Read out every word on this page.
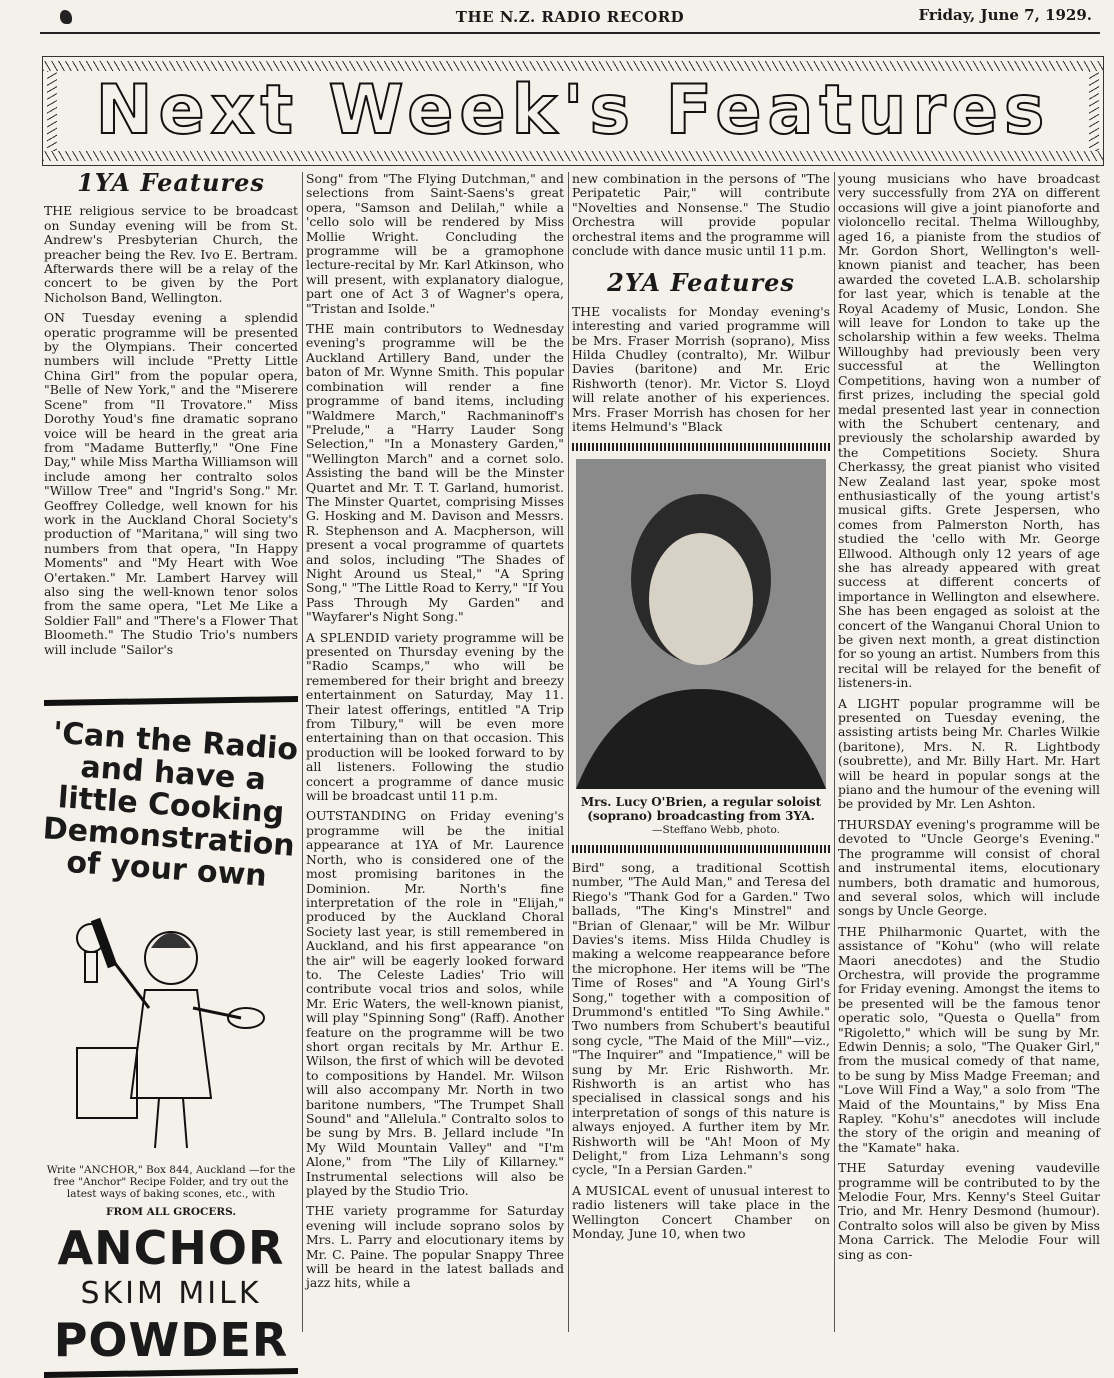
THE N.Z. RADIO RECORD	Friday, June 7, 1929.
Next Week's Features
1YA Features

THE religious service to be broadcast on Sunday evening will be from St. Andrew's Presbyterian Church, the preacher being the Rev. Ivo E. Bertram. Afterwards there will be a relay of the concert to be given by the Port Nicholson Band, Wellington.

ON Tuesday evening a splendid operatic programme will be presented by the Olympians. Their concerted numbers will include "Pretty Little China Girl" from the popular opera, "Belle of New York," and the "Miserere Scene" from "Il Trovatore." Miss Dorothy Youd's fine dramatic soprano voice will be heard in the great aria from "Madame Butterfly," "One Fine Day," while Miss Martha Williamson will include among her contralto solos "Willow Tree" and "Ingrid's Song." Mr. Geoffrey Colledge, well known for his work in the Auckland Choral Society's production of "Maritana," will sing two numbers from that opera, "In Happy Moments" and "My Heart with Woe O'ertaken." Mr. Lambert Harvey will also sing the well-known tenor solos from the same opera, "Let Me Like a Soldier Fall" and "There's a Flower That Bloometh." The Studio Trio's numbers will include "Sailor's

'Can the Radio and have a little Cooking Demonstration of your own
Write "ANCHOR," Box 844, Auckland —for the free "Anchor" Recipe Folder, and try out the latest ways of baking scones, etc., with
FROM ALL GROCERS.
ANCHOR
SKIM MILK
POWDER

Song" from "The Flying Dutchman," and selections from Saint-Saens's great opera, "Samson and Delilah," while a 'cello solo will be rendered by Miss Mollie Wright. Concluding the programme will be a gramophone lecture-recital by Mr. Karl Atkinson, who will present, with explanatory dialogue, part one of Act 3 of Wagner's opera, "Tristan and Isolde."

THE main contributors to Wednesday evening's programme will be the Auckland Artillery Band, under the baton of Mr. Wynne Smith. This popular combination will render a fine programme of band items, including "Waldmere March," Rachmaninoff's "Prelude," a "Harry Lauder Song Selection," "In a Monastery Garden," "Wellington March" and a cornet solo. Assisting the band will be the Minster Quartet and Mr. T. T. Garland, humorist. The Minster Quartet, comprising Misses G. Hosking and M. Davison and Messrs. R. Stephenson and A. Macpherson, will present a vocal programme of quartets and solos, including "The Shades of Night Around us Steal," "A Spring Song," "The Little Road to Kerry," "If You Pass Through My Garden" and "Wayfarer's Night Song."

A SPLENDID variety programme will be presented on Thursday evening by the "Radio Scamps," who will be remembered for their bright and breezy entertainment on Saturday, May 11. Their latest offerings, entitled "A Trip from Tilbury," will be even more entertaining than on that occasion. This production will be looked forward to by all listeners. Following the studio concert a programme of dance music will be broadcast until 11 p.m.

OUTSTANDING on Friday evening's programme will be the initial appearance at 1YA of Mr. Laurence North, who is considered one of the most promising baritones in the Dominion. Mr. North's fine interpretation of the role in "Elijah," produced by the Auckland Choral Society last year, is still remembered in Auckland, and his first appearance "on the air" will be eagerly looked forward to. The Celeste Ladies' Trio will contribute vocal trios and solos, while Mr. Eric Waters, the well-known pianist, will play "Spinning Song" (Raff). Another feature on the programme will be two short organ recitals by Mr. Arthur E. Wilson, the first of which will be devoted to compositions by Handel. Mr. Wilson will also accompany Mr. North in two baritone numbers, "The Trumpet Shall Sound" and "Allelula." Contralto solos to be sung by Mrs. B. Jellard include "In My Wild Mountain Valley" and "I'm Alone," from "The Lily of Killarney." Instrumental selections will also be played by the Studio Trio.

THE variety programme for Saturday evening will include soprano solos by Mrs. L. Parry and elocutionary items by Mr. C. Paine. The popular Snappy Three will be heard in the latest ballads and jazz hits, while a

new combination in the persons of "The Peripatetic Pair," will contribute "Novelties and Nonsense." The Studio Orchestra will provide popular orchestral items and the programme will conclude with dance music until 11 p.m.

2YA Features

THE vocalists for Monday evening's interesting and varied programme will be Mrs. Fraser Morrish (soprano), Miss Hilda Chudley (contralto), Mr. Wilbur Davies (baritone) and Mr. Eric Rishworth (tenor). Mr. Victor S. Lloyd will relate another of his experiences. Mrs. Fraser Morrish has chosen for her items Helmund's "Black

Mrs. Lucy O'Brien, a regular soloist (soprano) broadcasting from 3YA.
—Steffano Webb, photo.

Bird" song, a traditional Scottish number, "The Auld Man," and Teresa del Riego's "Thank God for a Garden." Two ballads, "The King's Minstrel" and "Brian of Glenaar," will be Mr. Wilbur Davies's items. Miss Hilda Chudley is making a welcome reappearance before the microphone. Her items will be "The Time of Roses" and "A Young Girl's Song," together with a composition of Drummond's entitled "To Sing Awhile." Two numbers from Schubert's beautiful song cycle, "The Maid of the Mill"—viz., "The Inquirer" and "Impatience," will be sung by Mr. Eric Rishworth. Mr. Rishworth is an artist who has specialised in classical songs and his interpretation of songs of this nature is always enjoyed. A further item by Mr. Rishworth will be "Ah! Moon of My Delight," from Liza Lehmann's song cycle, "In a Persian Garden."

A MUSICAL event of unusual interest to radio listeners will take place in the Wellington Concert Chamber on Monday, June 10, when two

young musicians who have broadcast very successfully from 2YA on different occasions will give a joint pianoforte and violoncello recital. Thelma Willoughby, aged 16, a pianiste from the studios of Mr. Gordon Short, Wellington's well-known pianist and teacher, has been awarded the coveted L.A.B. scholarship for last year, which is tenable at the Royal Academy of Music, London. She will leave for London to take up the scholarship within a few weeks. Thelma Willoughby had previously been very successful at the Wellington Competitions, having won a number of first prizes, including the special gold medal presented last year in connection with the Schubert centenary, and previously the scholarship awarded by the Competitions Society. Shura Cherkassy, the great pianist who visited New Zealand last year, spoke most enthusiastically of the young artist's musical gifts. Grete Jespersen, who comes from Palmerston North, has studied the 'cello with Mr. George Ellwood. Although only 12 years of age she has already appeared with great success at different concerts of importance in Wellington and elsewhere. She has been engaged as soloist at the concert of the Wanganui Choral Union to be given next month, a great distinction for so young an artist. Numbers from this recital will be relayed for the benefit of listeners-in.

A LIGHT popular programme will be presented on Tuesday evening, the assisting artists being Mr. Charles Wilkie (baritone), Mrs. N. R. Lightbody (soubrette), and Mr. Billy Hart. Mr. Hart will be heard in popular songs at the piano and the humour of the evening will be provided by Mr. Len Ashton.

THURSDAY evening's programme will be devoted to "Uncle George's Evening." The programme will consist of choral and instrumental items, elocutionary numbers, both dramatic and humorous, and several solos, which will include songs by Uncle George.

THE Philharmonic Quartet, with the assistance of "Kohu" (who will relate Maori anecdotes) and the Studio Orchestra, will provide the programme for Friday evening. Amongst the items to be presented will be the famous tenor operatic solo, "Questa o Quella" from "Rigoletto," which will be sung by Mr. Edwin Dennis; a solo, "The Quaker Girl," from the musical comedy of that name, to be sung by Miss Madge Freeman; and "Love Will Find a Way," a solo from "The Maid of the Mountains," by Miss Ena Rapley. "Kohu's" anecdotes will include the story of the origin and meaning of the "Kamate" haka.

THE Saturday evening vaudeville programme will be contributed to by the Melodie Four, Mrs. Kenny's Steel Guitar Trio, and Mr. Henry Desmond (humour). Contralto solos will also be given by Miss Mona Carrick. The Melodie Four will sing as con-
